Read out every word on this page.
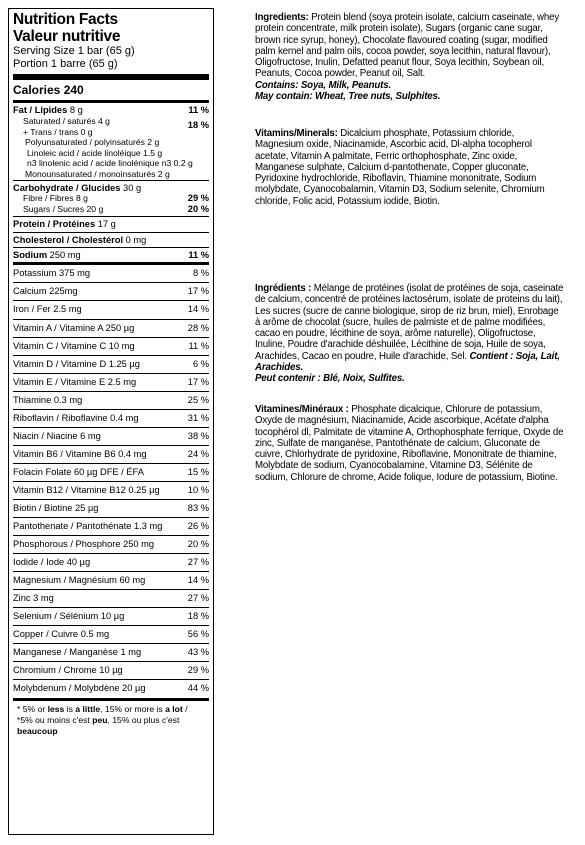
Nutrition Facts
Valeur nutritive
Serving Size 1 bar (65 g)
Portion 1 barre (65 g)
Calories 240
Fat / Lipides 8 g	11 %
Saturated / saturés 4 g	18 %
+ Trans / trans 0 g
Polyunsaturated / polyinsaturés 2 g
Linoleic acid / acide linoléique 1.5 g
n3 linolenic acid / acide linolénique n3 0.2 g
Monounsaturated / monoinsaturés 2 g
Carbohydrate / Glucides 30 g
Fibre / Fibres 8 g	29 %
Sugars / Sucres 20 g	20 %
Protein / Protéines 17 g
Cholesterol / Cholestérol 0 mg
Sodium 250 mg	11 %
Potassium 375 mg	8 %
Calcium 225mg	17 %
Iron / Fer 2.5 mg	14 %
Vitamin A / Vitamine A 250 µg	28 %
Vitamin C / Vitamine C 10 mg	11 %
Vitamin D / Vitamine D 1.25 µg	6 %
Vitamin E / Vitamine E 2.5 mg	17 %
Thiamine 0.3 mg	25 %
Riboflavin / Riboflavine 0.4 mg	31 %
Niacin / Niacine 6 mg	38 %
Vitamin B6 / Vitamine B6 0.4 mg	24 %
Folacin Folate 60 µg DFE / ÉFA	15 %
Vitamin B12 / Vitamine B12 0.25 µg	10 %
Biotin / Biotine 25 µg	83 %
Pantothenate / Pantothénate 1.3 mg	26 %
Phosphorous / Phosphore 250 mg	20 %
Iodide / Iode 40 µg	27 %
Magnesium / Magnésium 60 mg	14 %
Zinc 3 mg	27 %
Selenium / Sélénium 10 µg	18 %
Copper / Cuivre 0.5 mg	56 %
Manganese / Manganèse 1 mg	43 %
Chromium / Chrome 10 µg	29 %
Molybdenum / Molybdène 20 µg	44 %
* 5% or less is a little, 15% or more is a lot /
*5% ou moins c'est peu, 15% ou plus c'est beaucoup

Ingredients: Protein blend (soya protein isolate, calcium caseinate, whey protein concentrate, milk protein isolate), Sugars (organic cane sugar, brown rice syrup, honey), Chocolate flavoured coating (sugar, modified palm kernel and palm oils, cocoa powder, soya lecithin, natural flavour), Oligofructose, Inulin, Defatted peanut flour, Soya lecithin, Soybean oil, Peanuts, Cocoa powder, Peanut oil, Salt.

Contains: Soya, Milk, Peanuts.

May contain: Wheat, Tree nuts, Sulphites.

Vitamins/Minerals: Dicalcium phosphate, Potassium chloride, Magnesium oxide, Niacinamide, Ascorbic acid, Dl-alpha tocopherol acetate, Vitamin A palmitate, Ferric orthophosphate, Zinc oxide, Manganese sulphate, Calcium d-pantothenate, Copper gluconate, Pyridoxine hydrochloride, Riboflavin, Thiamine mononitrate, Sodium molybdate, Cyanocobalamin, Vitamin D3, Sodium selenite, Chromium chloride, Folic acid, Potassium iodide, Biotin.

Ingrédients : Mélange de protéines (isolat de protéines de soja, caseinate de calcium, concentré de protéines lactosérum, isolate de proteins du lait), Les sucres (sucre de canne biologique, sirop de riz brun, miel), Enrobage à arôme de chocolat (sucre, huiles de palmiste et de palme modifiées, cacao en poudre, lécithine de soya, arôme naturelle), Oligofructose, Inuline, Poudre d'arachide déshuilée, Lécithine de soja, Huile de soya, Arachides, Cacao en poudre, Huile d'arachide, Sel. Contient : Soja, Lait, Arachides.

Peut contenir : Blé, Noix, Sulfites.

Vitamines/Minéraux : Phosphate dicalcique, Chlorure de potassium, Oxyde de magnésium, Niacinamide, Acide ascorbique, Acétate d'alpha tocophérol dl, Palmitate de vitamine A, Orthophosphate ferrique, Oxyde de zinc, Sulfate de manganèse, Pantothénate de calcium, Gluconate de cuivre, Chlorhydrate de pyridoxine, Riboflavine, Mononitrate de thiamine, Molybdate de sodium, Cyanocobalamine, Vitamine D3, Sélénite de sodium, Chlorure de chrome, Acide folique, Iodure de potassium, Biotine.
